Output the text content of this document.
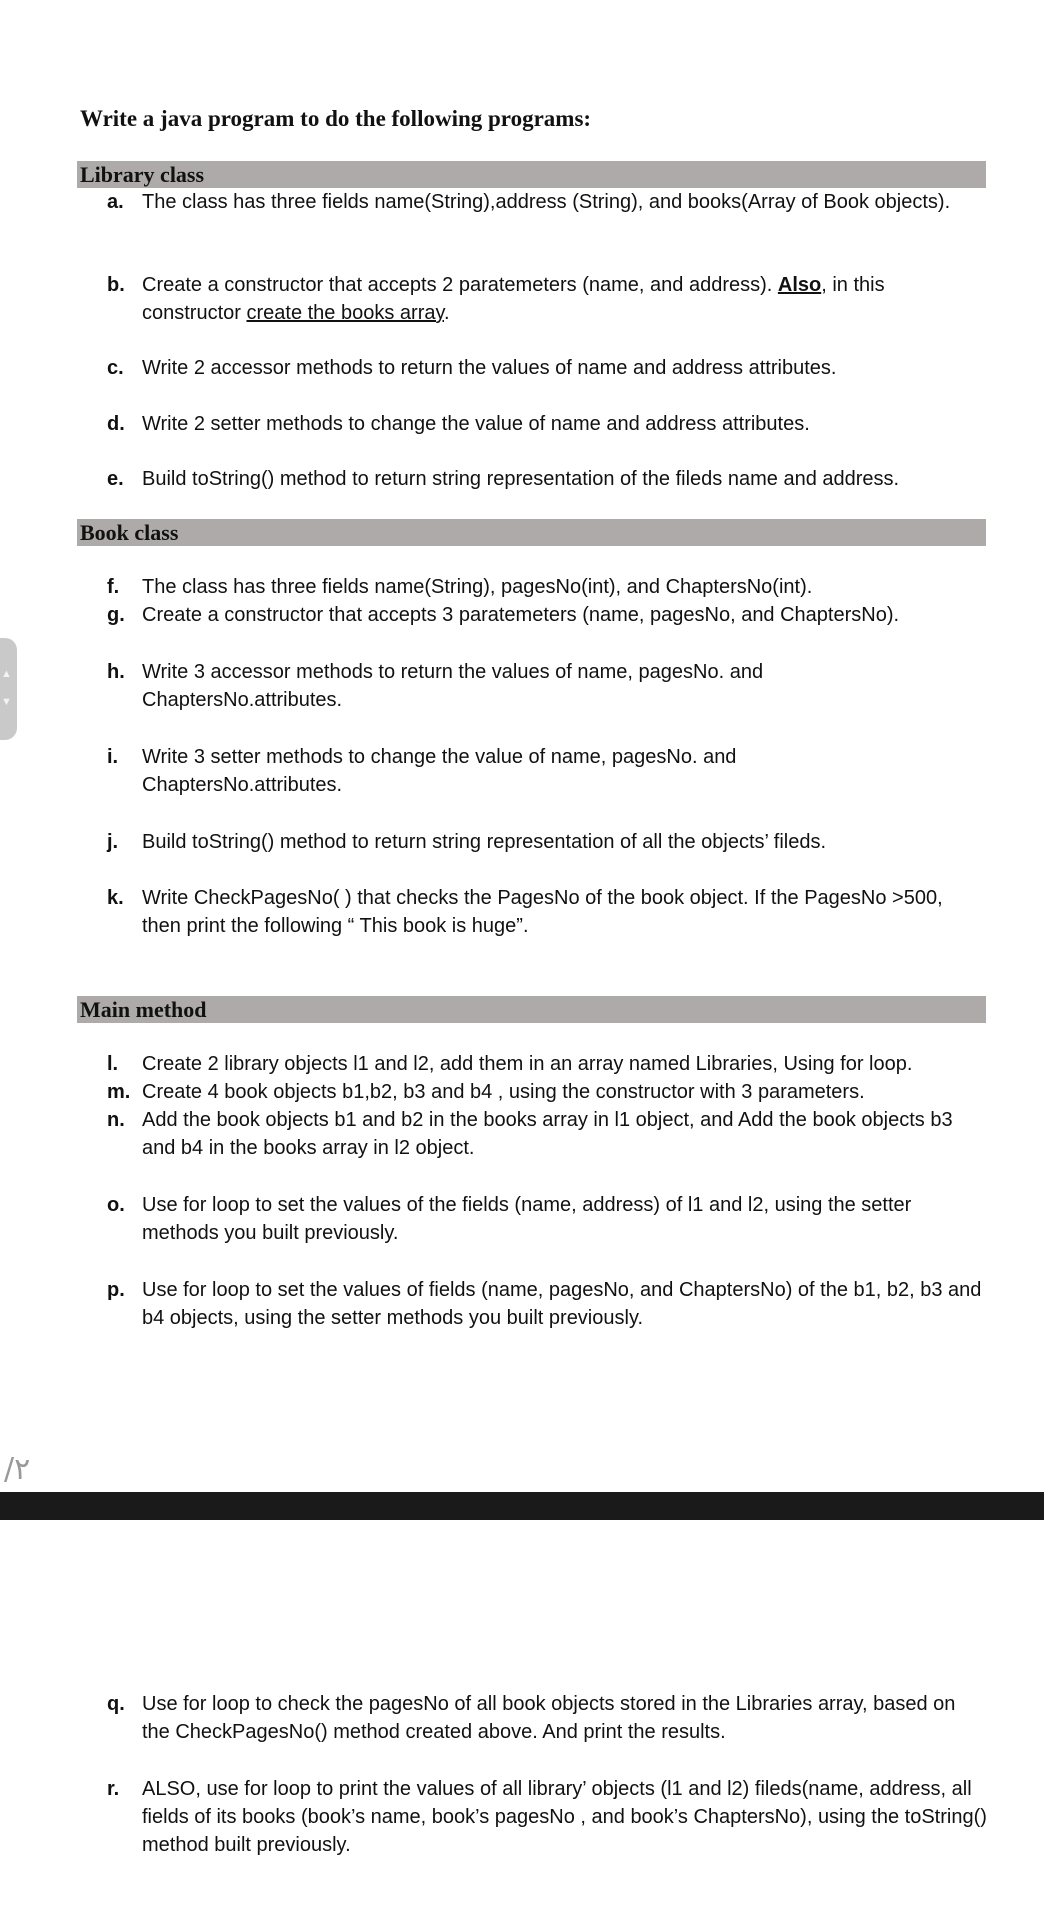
Write a java program to do the following programs:
Library class
a. The class has three fields name(String),address (String), and books(Array of Book objects).
b. Create a constructor that accepts 2 paratemeters (name, and address). Also, in this constructor create the books array.
c. Write 2 accessor methods to return the values of name and address attributes.
d. Write 2 setter methods to change the value of name and address attributes.
e. Build toString() method to return string representation of the fileds name and address.
Book class
f.	The class has three fields name(String), pagesNo(int), and ChaptersNo(int).
g. Create a constructor that accepts 3 paratemeters (name, pagesNo, and ChaptersNo).
h. Write 3 accessor methods to return the values of name, pagesNo. and ChaptersNo.attributes.
i.	Write 3 setter methods to change the value of name, pagesNo. and ChaptersNo.attributes.
j.	Build toString() method to return string representation of all the objects’ fileds.
k. Write CheckPagesNo( ) that checks the PagesNo of the book object. If the PagesNo >500, then print the following “ This book is huge”.
Main method
l.	Create 2 library objects l1 and l2, add them in an array named Libraries, Using for loop.
m. Create 4 book objects b1,b2, b3 and b4 , using the constructor with 3 parameters.
n. Add the book objects b1 and b2 in the books array in l1 object, and Add the book objects b3 and b4 in the books array in l2 object.
o. Use for loop to set the values of the fields (name, address) of l1 and l2, using the setter methods you built previously.
p. Use for loop to set the values of fields (name, pagesNo, and ChaptersNo) of the b1, b2, b3 and b4 objects, using the setter methods you built previously.
▲
▼
/٢
q. Use for loop to check the pagesNo of all book objects stored in the Libraries array, based on the CheckPagesNo() method created above. And print the results.
r.	ALSO, use for loop to print the values of all library’ objects (l1 and l2) fileds(name, address, all fields of its books (book’s name, book’s pagesNo , and book’s ChaptersNo), using the toString() method built previously.
